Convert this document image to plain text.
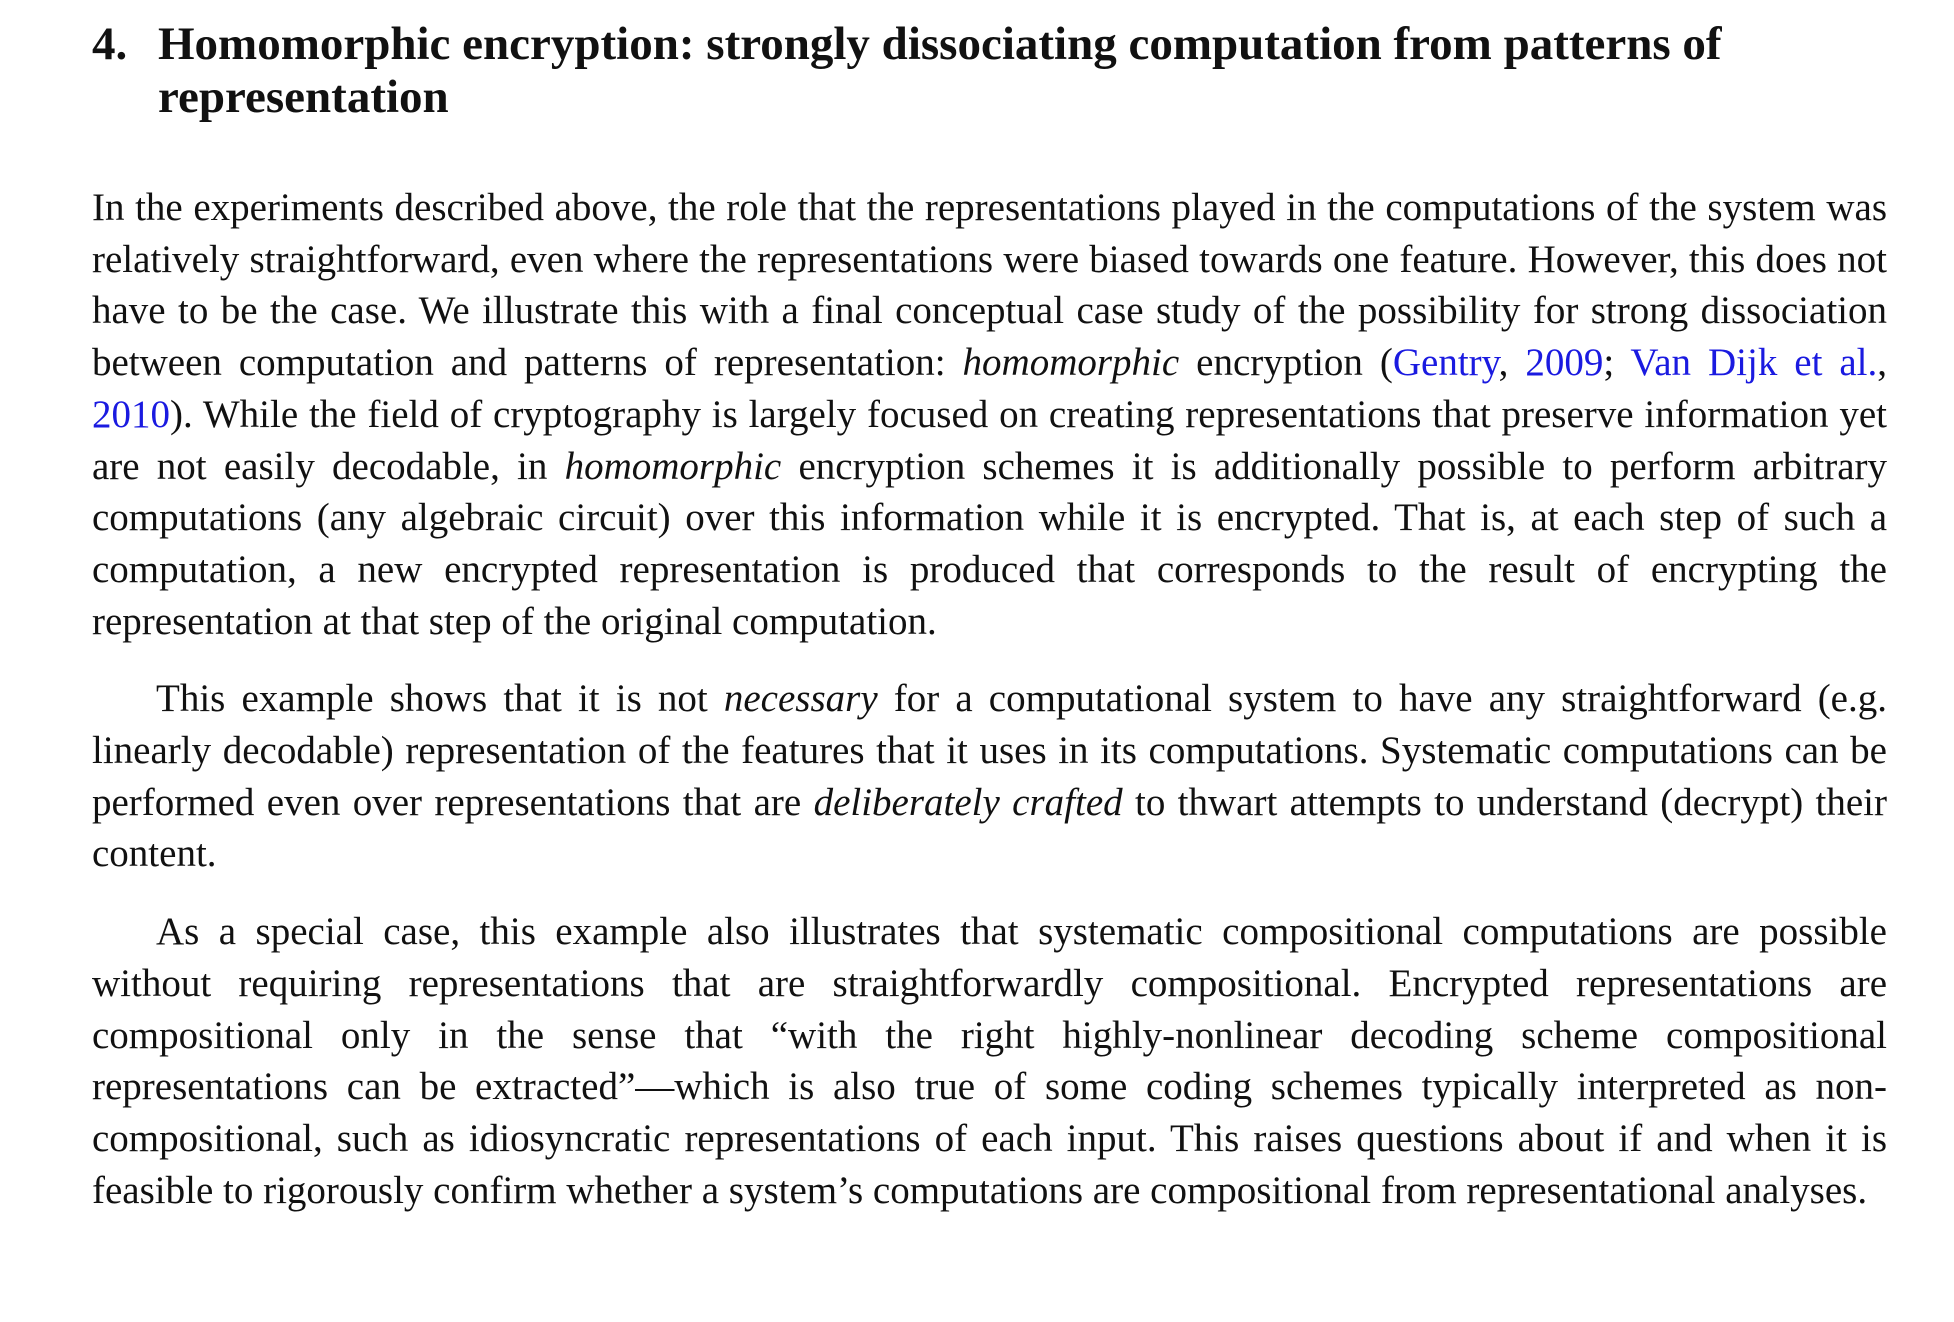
4. Homomorphic encryption: strongly dissociating computation from patterns of representation

In the experiments described above, the role that the representations played in the computations of the system was relatively straightforward, even where the representations were biased towards one feature. However, this does not have to be the case. We illustrate this with a final conceptual case study of the possibility for strong dissociation between computation and patterns of representation: homomorphic encryption (Gentry, 2009; Van Dijk et al., 2010). While the field of cryptography is largely focused on creating representations that preserve information yet are not easily decodable, in homomorphic encryption schemes it is additionally possible to perform arbitrary computations (any algebraic circuit) over this information while it is encrypted. That is, at each step of such a computation, a new encrypted representation is produced that corresponds to the result of encrypting the representation at that step of the original computation.

This example shows that it is not necessary for a computational system to have any straightforward (e.g. linearly decodable) representation of the features that it uses in its computations. Systematic computations can be performed even over representations that are deliberately crafted to thwart attempts to understand (decrypt) their content.

As a special case, this example also illustrates that systematic compositional computations are possible without requiring representations that are straightforwardly compositional. Encrypted representations are compositional only in the sense that “with the right highly-nonlinear decoding scheme compositional representations can be extracted”—which is also true of some coding schemes typically interpreted as non-compositional, such as idiosyncratic representations of each input. This raises questions about if and when it is feasible to rigorously confirm whether a system’s computations are compositional from representational analyses.
